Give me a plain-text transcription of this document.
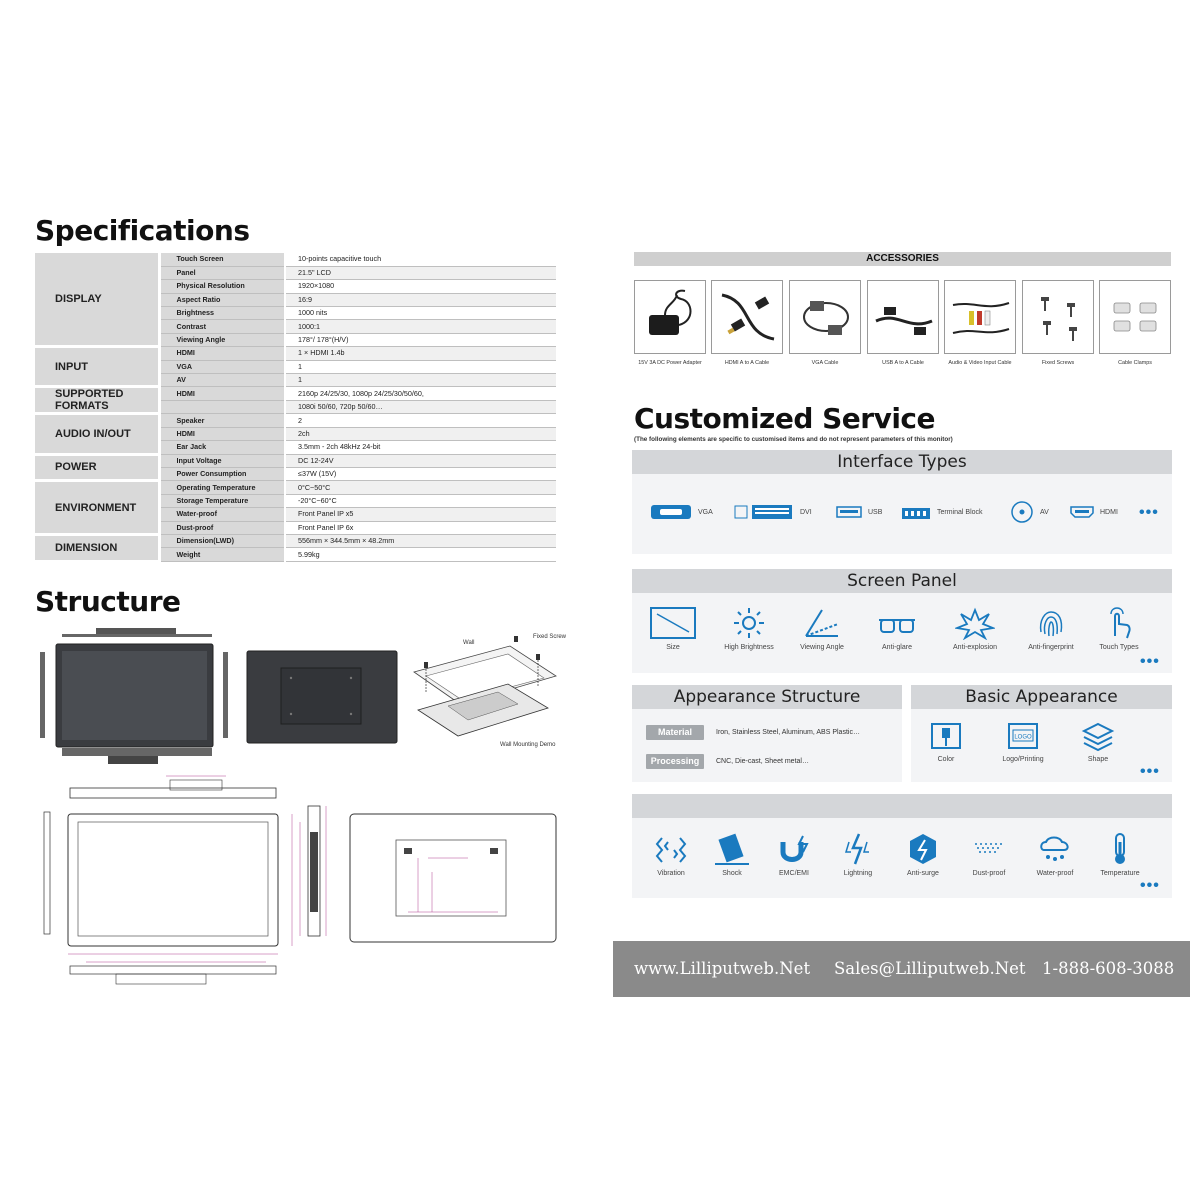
Specifications
DISPLAY	Touch Screen	10-points capacitive touch
	Panel	21.5" LCD
	Physical Resolution	1920×1080
	Aspect Ratio	16:9
	Brightness	1000 nits
	Contrast	1000:1
	Viewing Angle	178°/ 178°(H/V)
INPUT	HDMI	1 × HDMI 1.4b
	VGA	1
	AV	1
SUPPORTED FORMATS	HDMI	2160p 24/25/30, 1080p 24/25/30/50/60,
		1080i 50/60, 720p 50/60…
AUDIO IN/OUT	Speaker	2
	HDMI	2ch
	Ear Jack	3.5mm - 2ch 48kHz 24-bit
POWER	Input Voltage	DC 12-24V
	Power Consumption	≤37W (15V)
ENVIRONMENT	Operating Temperature	0°C~50°C
	Storage Temperature	-20°C~60°C
	Water-proof	Front Panel IP x5
	Dust-proof	Front Panel IP 6x
DIMENSION	Dimension(LWD)	556mm × 344.5mm × 48.2mm
	Weight	5.99kg
Structure
Wall
Fixed Screw
Wall Mounting Demo
ACCESSORIES
15V 3A DC Power Adapter	HDMI A to A Cable	VGA Cable	USB A to A Cable	Audio & Video Input Cable	Fixed Screws	Cable Clamps
Customized Service
(The following elements are specific to customised items and do not represent parameters of this monitor)
Interface Types
VGA	DVI	USB	Terminal Block	AV	HDMI •••
Screen Panel
Size	High Brightness	Viewing Angle	Anti-glare	Anti-explosion	Anti-fingerprint	Touch Types
•••
Appearance Structure
Material	Iron, Stainless Steel, Aluminum, ABS Plastic…
Processing	CNC, Die-cast, Sheet metal…
Basic Appearance
Color
LOGO
Logo/Printing	Shape
•••
Vibration	Shock	EMC/EMI	Lightning	Anti-surge	Dust-proof	Water-proof	Temperature
•••
www.Lilliputweb.Net Sales@Lilliputweb.Net 1-888-608-3088
